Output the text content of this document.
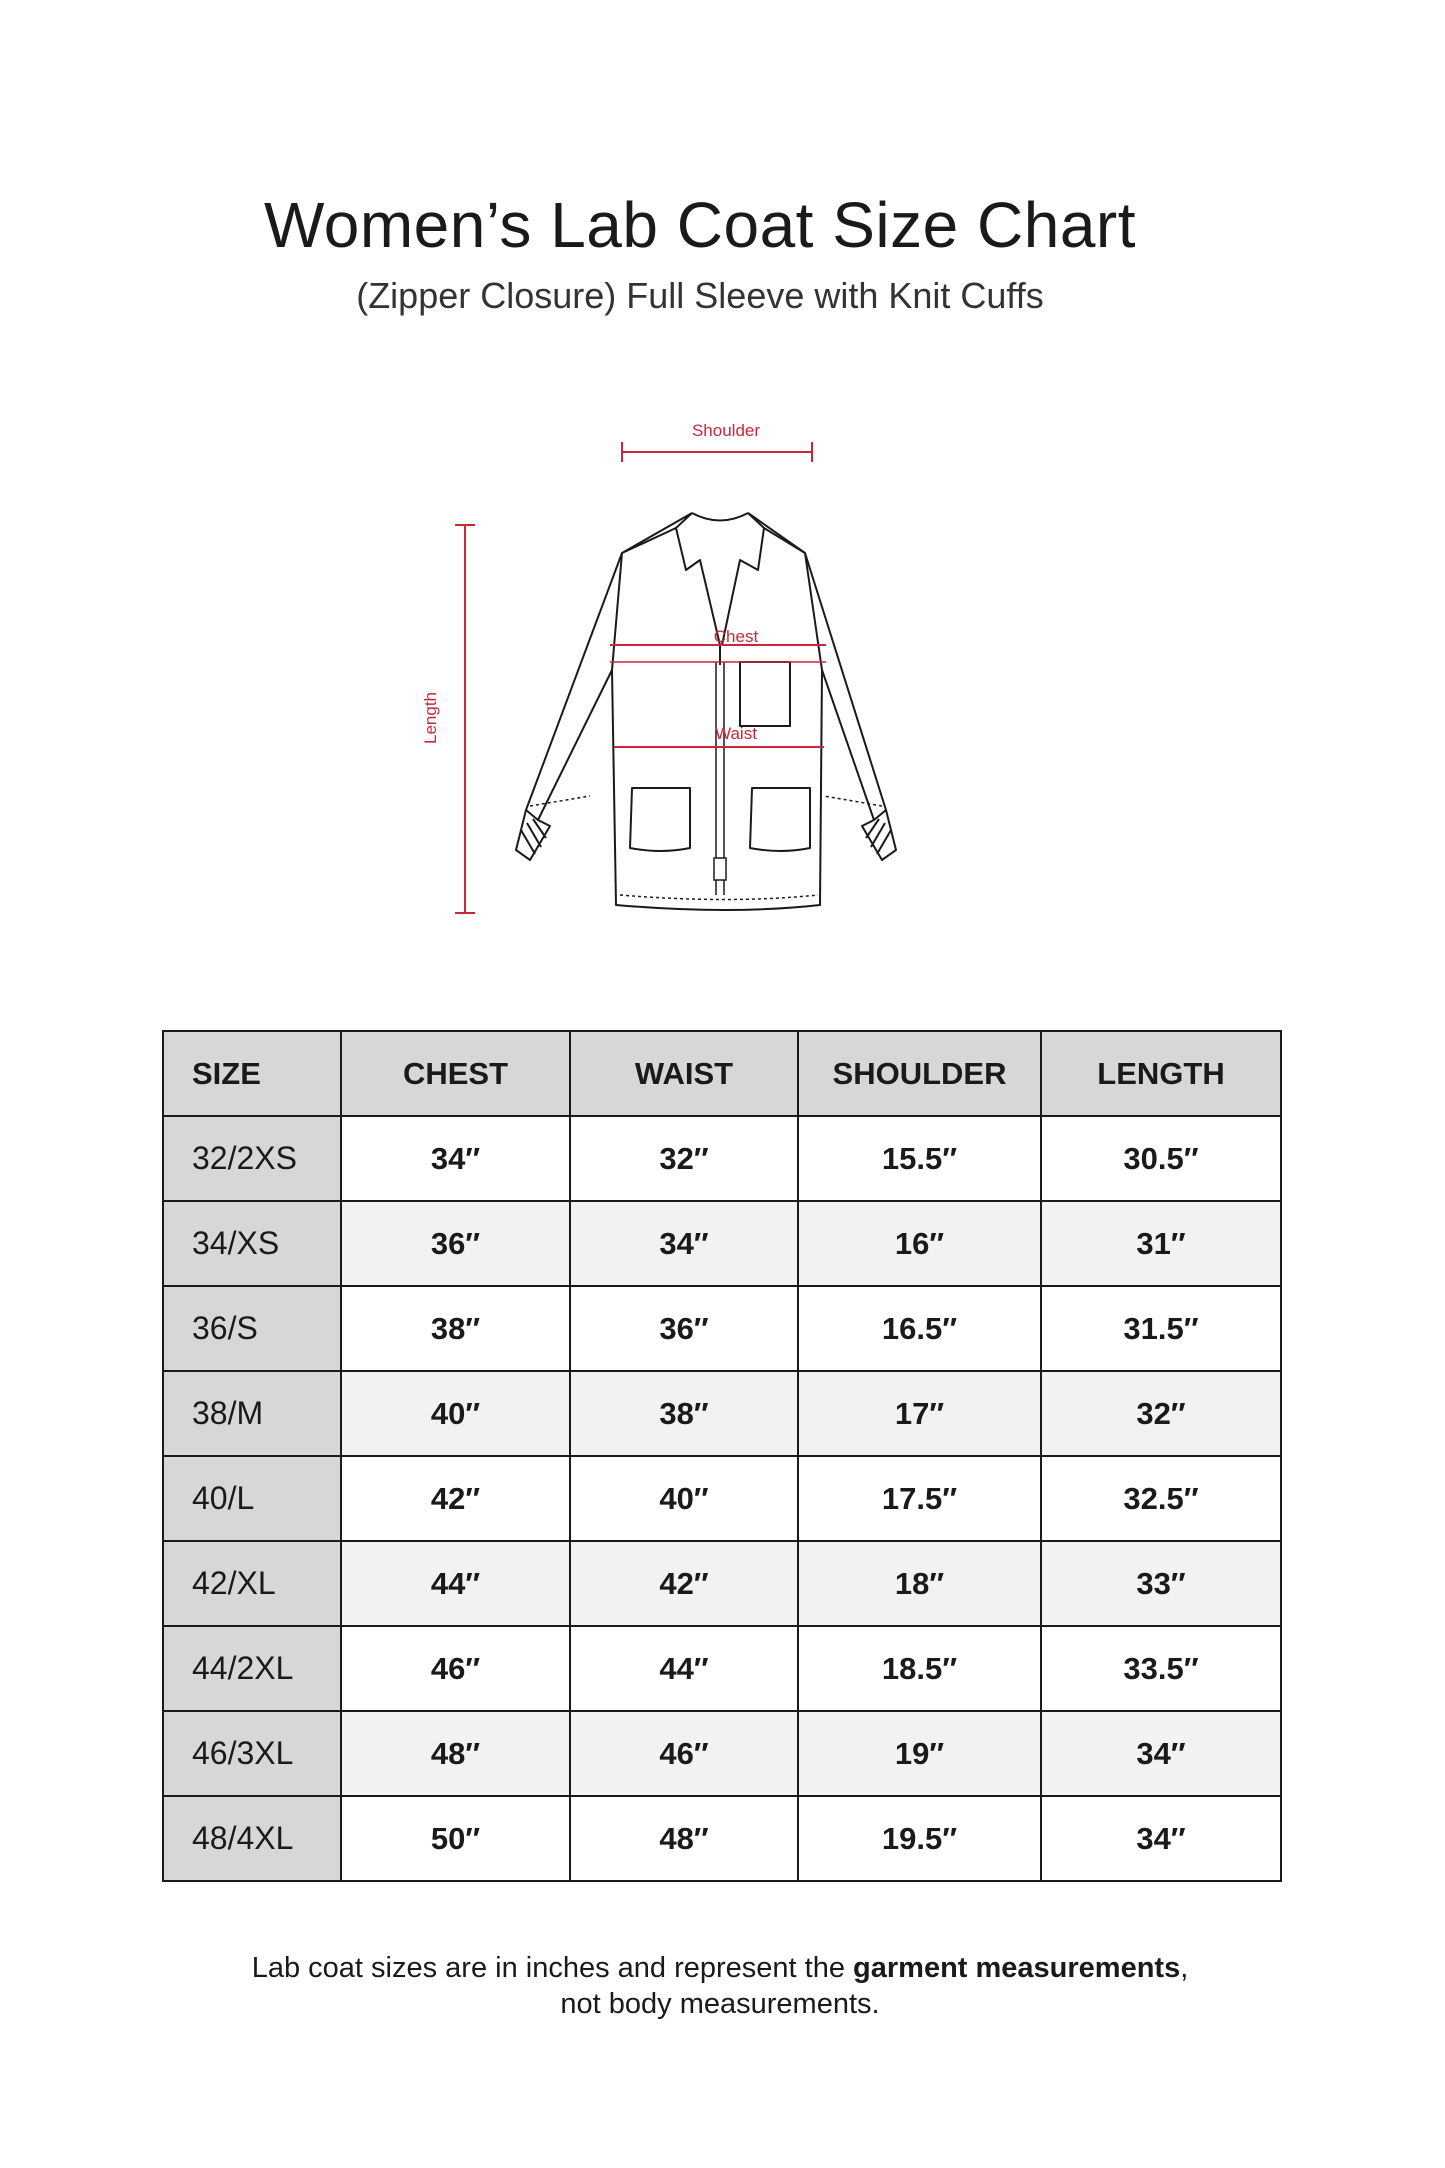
Women’s Lab Coat Size Chart

(Zipper Closure) Full Sleeve with Knit Cuffs

Shoulder
Length
Chest
Waist
SIZE	CHEST	WAIST	SHOULDER	LENGTH
32/2XS	34″	32″	15.5″	30.5″
34/XS	36″	34″	16″	31″
36/S	38″	36″	16.5″	31.5″
38/M	40″	38″	17″	32″
40/L	42″	40″	17.5″	32.5″
42/XL	44″	42″	18″	33″
44/2XL	46″	44″	18.5″	33.5″
46/3XL	48″	46″	19″	34″
48/4XL	50″	48″	19.5″	34″

Lab coat sizes are in inches and represent the garment measurements,
not body measurements.
